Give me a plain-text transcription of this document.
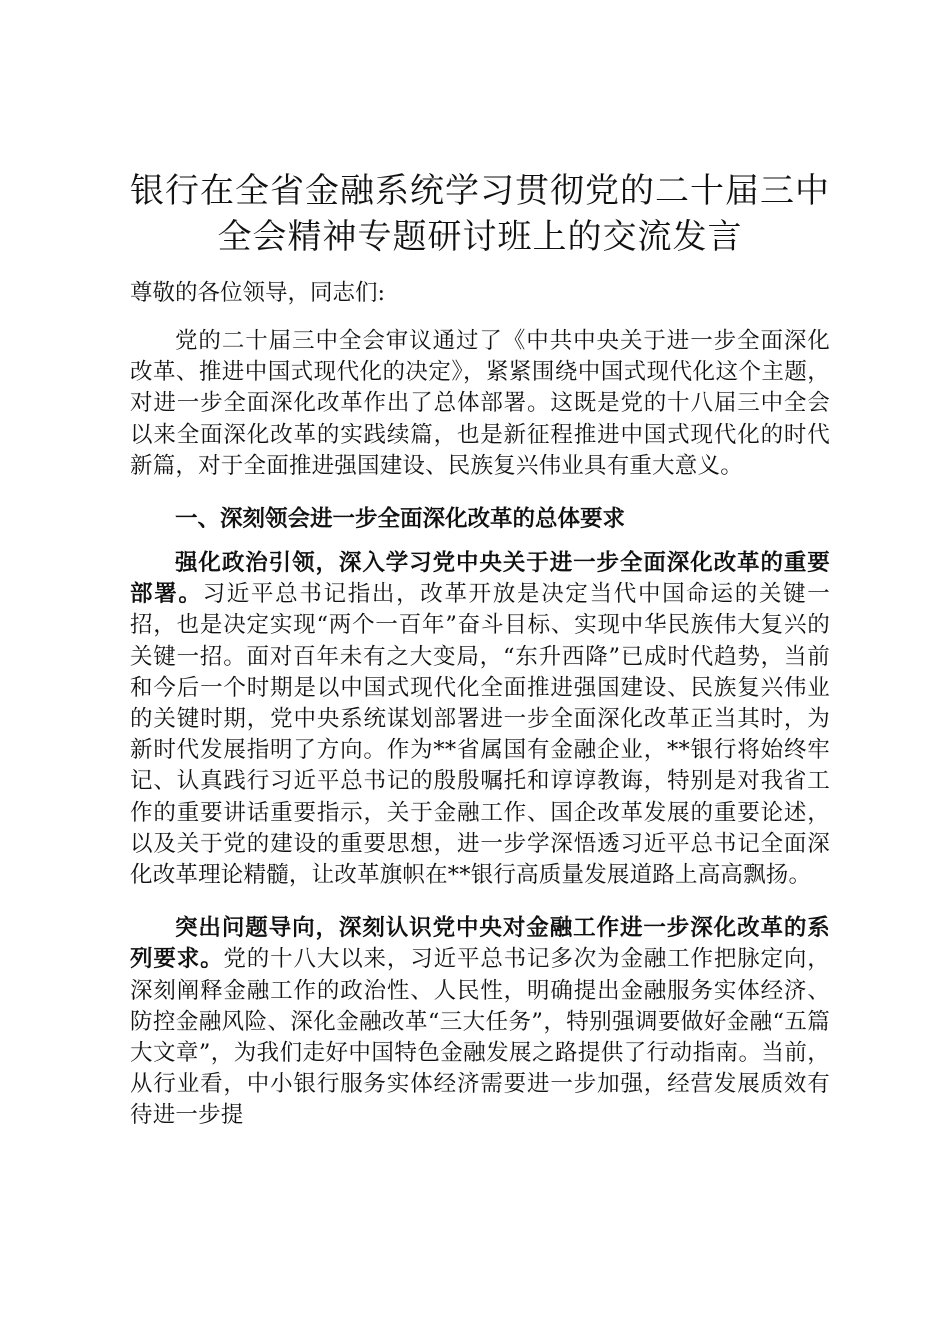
银行在全省金融系统学习贯彻党的二十届三中
全会精神专题研讨班上的交流发言

尊敬的各位领导，同志们:

党的二十届三中全会审议通过了《中共中央关于进一步全面深化改革、推进中国式现代化的决定》，紧紧围绕中国式现代化这个主题，对进一步全面深化改革作出了总体部署。这既是党的十八届三中全会以来全面深化改革的实践续篇，也是新征程推进中国式现代化的时代新篇，对于全面推进强国建设、民族复兴伟业具有重大意义。

一、深刻领会进一步全面深化改革的总体要求

强化政治引领，深入学习党中央关于进一步全面深化改革的重要部署。习近平总书记指出，改革开放是决定当代中国命运的关键一招，也是决定实现“两个一百年”奋斗目标、实现中华民族伟大复兴的关键一招。面对百年未有之大变局，“东升西降”已成时代趋势，当前和今后一个时期是以中国式现代化全面推进强国建设、民族复兴伟业的关键时期，党中央系统谋划部署进一步全面深化改革正当其时，为新时代发展指明了方向。作为**省属国有金融企业，**银行将始终牢记、认真践行习近平总书记的殷殷嘱托和谆谆教诲，特别是对我省工作的重要讲话重要指示，关于金融工作、国企改革发展的重要论述，以及关于党的建设的重要思想，进一步学深悟透习近平总书记全面深化改革理论精髓，让改革旗帜在**银行高质量发展道路上高高飘扬。

突出问题导向，深刻认识党中央对金融工作进一步深化改革的系列要求。党的十八大以来，习近平总书记多次为金融工作把脉定向，深刻阐释金融工作的政治性、人民性，明确提出金融服务实体经济、防控金融风险、深化金融改革“三大任务”，特别强调要做好金融“五篇大文章”，为我们走好中国特色金融发展之路提供了行动指南。当前，从行业看，中小银行服务实体经济需要进一步加强，经营发展质效有待进一步提
